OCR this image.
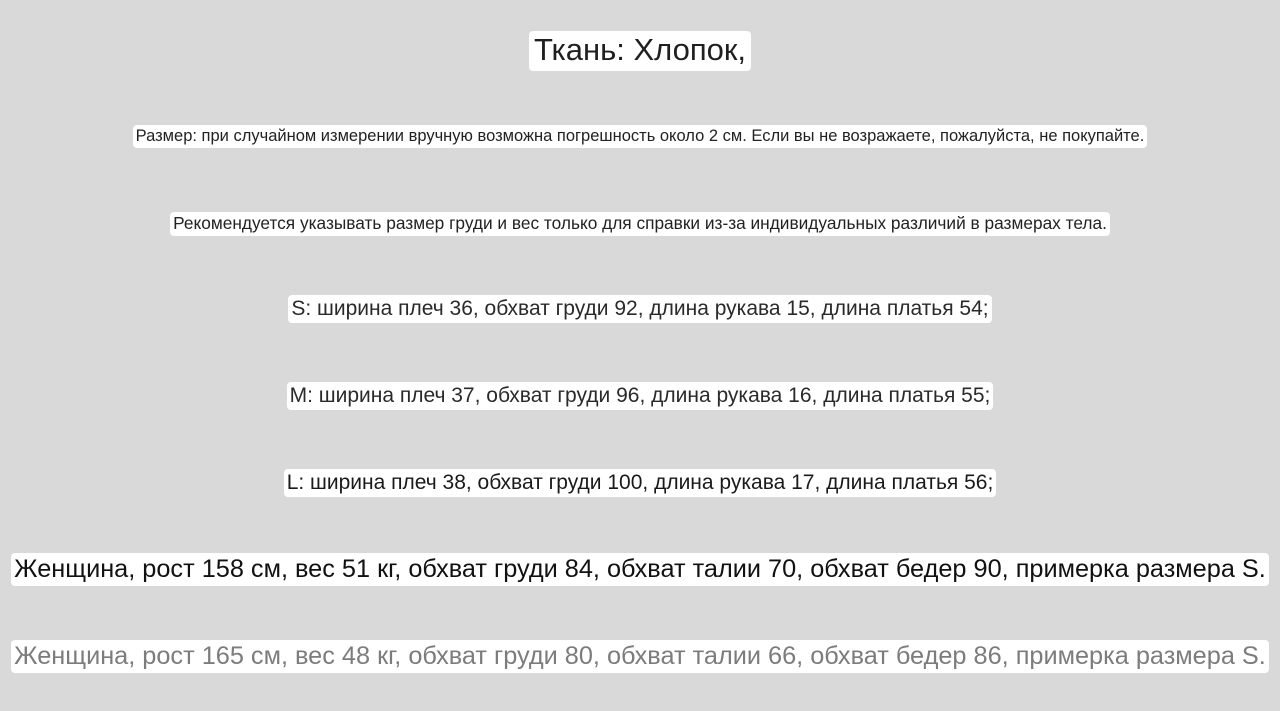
Ткань: Хлопок,
Размер: при случайном измерении вручную возможна погрешность около 2 см. Если вы не возражаете, пожалуйста, не покупайте.
Рекомендуется указывать размер груди и вес только для справки из-за индивидуальных различий в размерах тела.
S: ширина плеч 36, обхват груди 92, длина рукава 15, длина платья 54;
M: ширина плеч 37, обхват груди 96, длина рукава 16, длина платья 55;
L: ширина плеч 38, обхват груди 100, длина рукава 17, длина платья 56;
Женщина, рост 158 см, вес 51 кг, обхват груди 84, обхват талии 70, обхват бедер 90, примерка размера S.
Женщина, рост 165 см, вес 48 кг, обхват груди 80, обхват талии 66, обхват бедер 86, примерка размера S.
